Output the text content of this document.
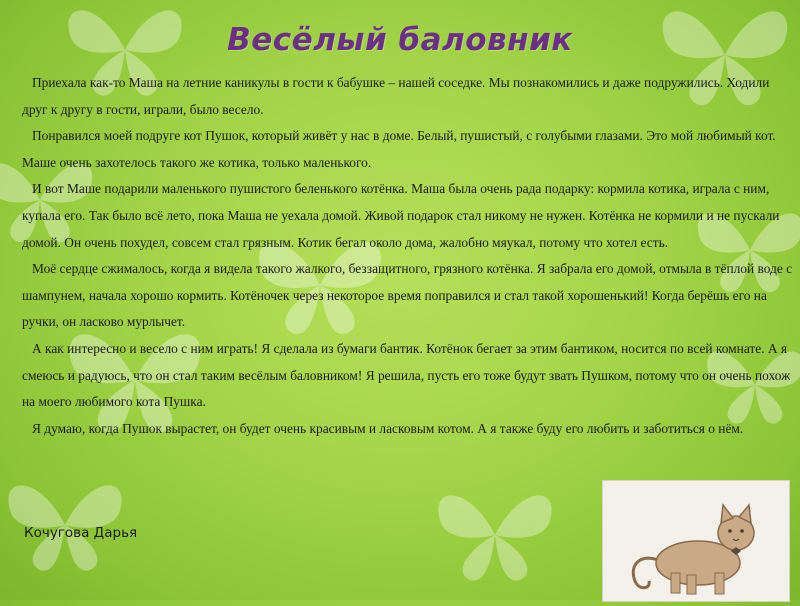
Весёлый баловник

Приехала как-то Маша на летние каникулы в гости к бабушке – нашей соседке. Мы познакомились и даже подружились. Ходили друг к другу в гости, играли, было весело.

Понравился моей подруге кот Пушок, который живёт у нас в доме. Белый, пушистый, с голубыми глазами. Это мой любимый кот. Маше очень захотелось такого же котика, только маленького.

И вот Маше подарили маленького пушистого беленького котёнка. Маша была очень рада подарку: кормила котика, играла с ним, купала его. Так было всё лето, пока Маша не уехала домой. Живой подарок стал никому не нужен. Котёнка не кормили и не пускали домой. Он очень похудел, совсем стал грязным. Котик бегал около дома, жалобно мяукал, потому что хотел есть.

Моё сердце сжималось, когда я видела такого жалкого, беззащитного, грязного котёнка. Я забрала его домой, отмыла в тёплой воде с шампунем, начала хорошо кормить. Котёночек через некоторое время поправился и стал такой хорошенький! Когда берёшь его на ручки, он ласково мурлычет.

А как интересно и весело с ним играть! Я сделала из бумаги бантик. Котёнок бегает за этим бантиком, носится по всей комнате. А я смеюсь и радуюсь, что он стал таким весёлым баловником! Я решила, пусть его тоже будут звать Пушком, потому что он очень похож на моего любимого кота Пушка.

Я думаю, когда Пушок вырастет, он будет очень красивым и ласковым котом. А я также буду его любить и заботиться о нём.

Кочугова Дарья
